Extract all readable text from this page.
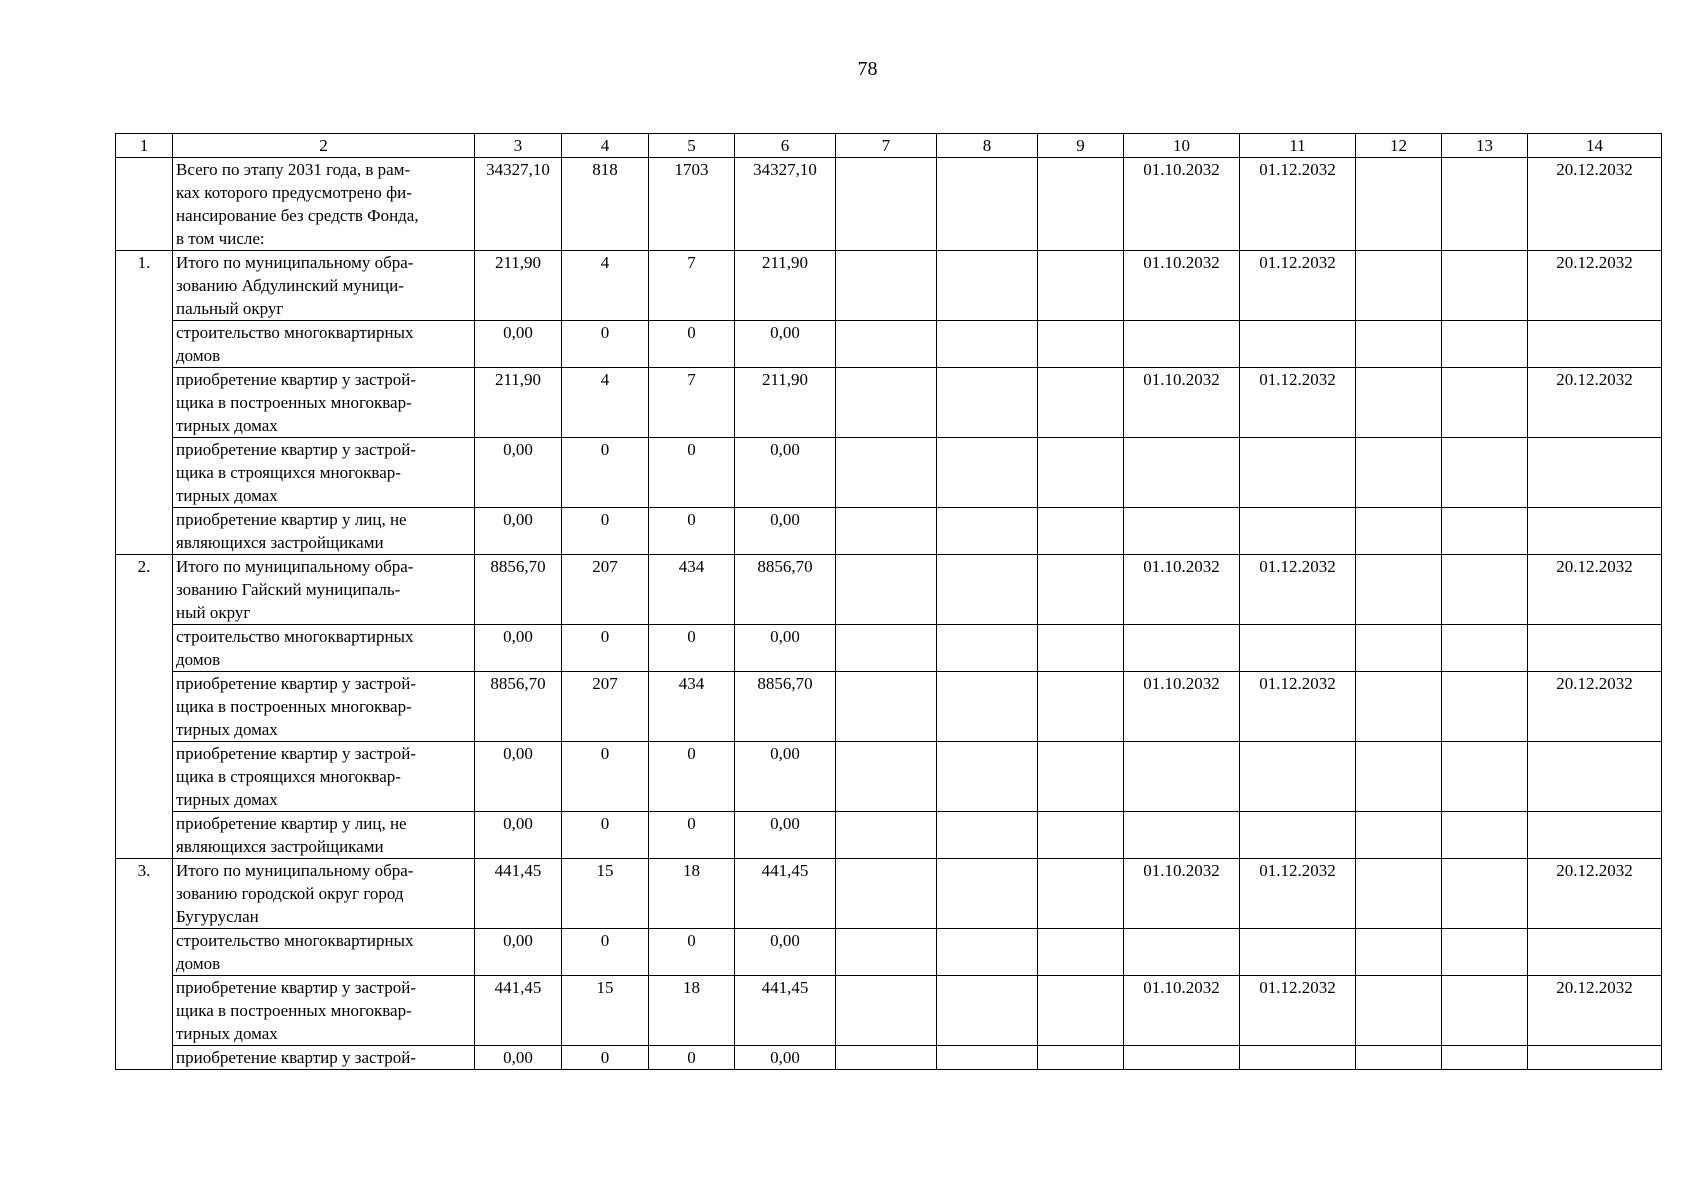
78
1	2	3	4	5	6	7	8	9	10	11	12	13	14
	Всего по этапу 2031 года, в рам-
ках которого предусмотрено фи-
нансирование без средств Фонда,
в том числе:	34327,10	818	1703	34327,10				01.10.2032	01.12.2032			20.12.2032
1.	Итого по муниципальному обра-
зованию Абдулинский муници-
пальный округ	211,90	4	7	211,90				01.10.2032	01.12.2032			20.12.2032
	строительство многоквартирных
домов	0,00	0	0	0,00								
	приобретение квартир у застрой-
щика в построенных многоквар-
тирных домах	211,90	4	7	211,90				01.10.2032	01.12.2032			20.12.2032
	приобретение квартир у застрой-
щика в строящихся многоквар-
тирных домах	0,00	0	0	0,00								
	приобретение квартир у лиц, не
являющихся застройщиками	0,00	0	0	0,00								
2.	Итого по муниципальному обра-
зованию Гайский муниципаль-
ный округ	8856,70	207	434	8856,70				01.10.2032	01.12.2032			20.12.2032
	строительство многоквартирных
домов	0,00	0	0	0,00								
	приобретение квартир у застрой-
щика в построенных многоквар-
тирных домах	8856,70	207	434	8856,70				01.10.2032	01.12.2032			20.12.2032
	приобретение квартир у застрой-
щика в строящихся многоквар-
тирных домах	0,00	0	0	0,00								
	приобретение квартир у лиц, не
являющихся застройщиками	0,00	0	0	0,00								
3.	Итого по муниципальному обра-
зованию городской округ город
Бугуруслан	441,45	15	18	441,45				01.10.2032	01.12.2032			20.12.2032
	строительство многоквартирных
домов	0,00	0	0	0,00								
	приобретение квартир у застрой-
щика в построенных многоквар-
тирных домах	441,45	15	18	441,45				01.10.2032	01.12.2032			20.12.2032
	приобретение квартир у застрой-	0,00	0	0	0,00								
